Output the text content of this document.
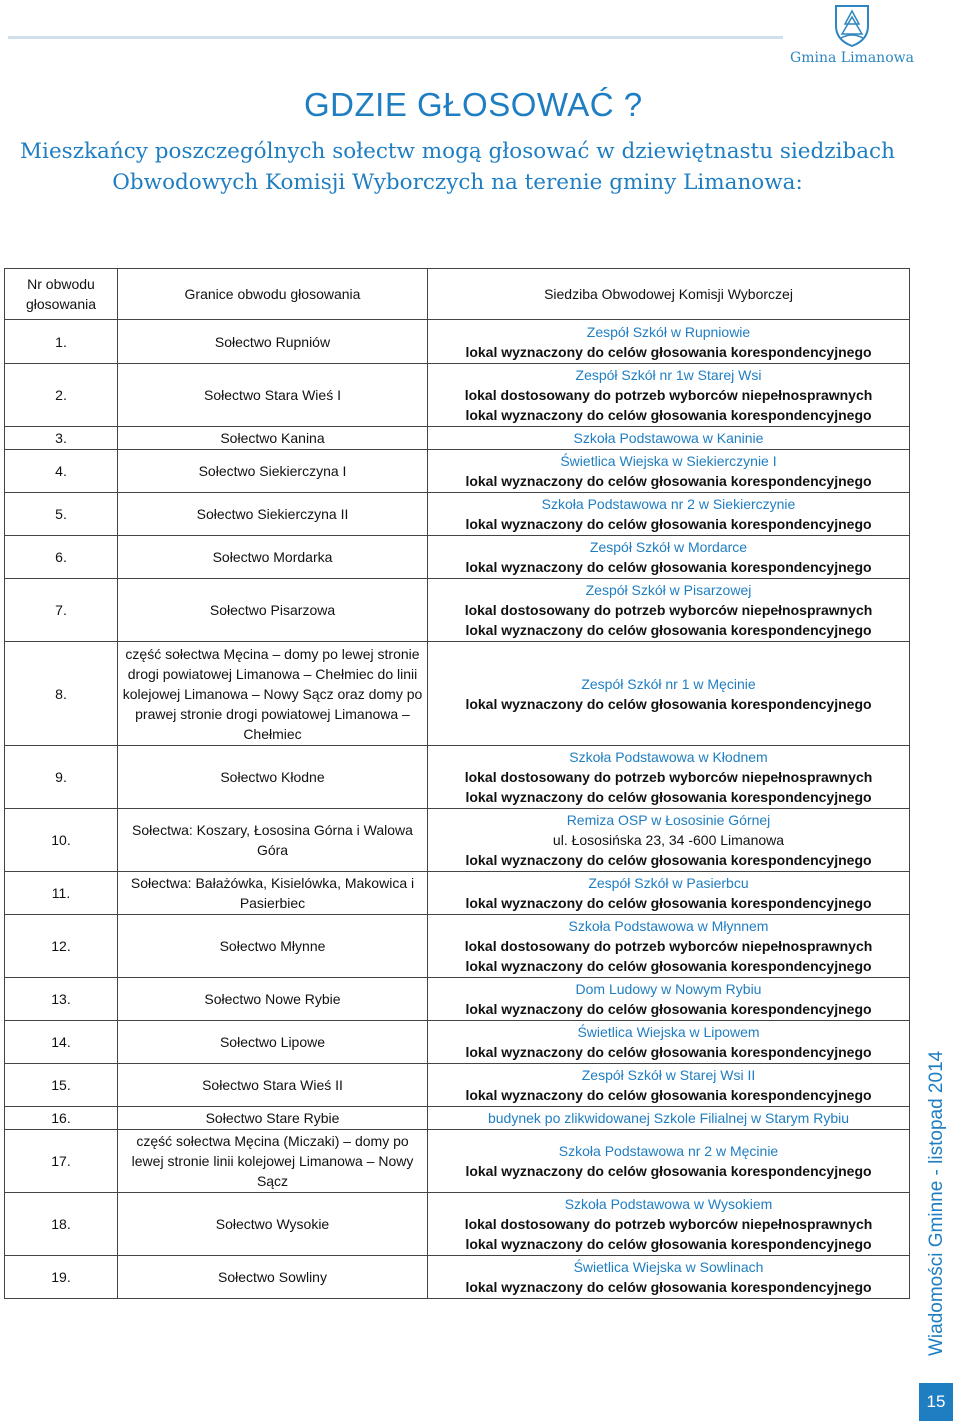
Gmina Limanowa
GDZIE GŁOSOWAĆ ?
Mieszkańcy poszczególnych sołectw mogą głosować w dziewiętnastu siedzibach
Obwodowych Komisji Wyborczych na terenie gminy Limanowa:
Nr obwodu głosowania	Granice obwodu głosowania	Siedziba Obwodowej Komisji Wyborczej
1.	Sołectwo Rupniów	Zespół Szkół w Rupniowie
lokal wyznaczony do celów głosowania korespondencyjnego

2.	Sołectwo Stara Wieś I	Zespół Szkół nr 1w Starej Wsi
lokal dostosowany do potrzeb wyborców niepełnosprawnych
lokal wyznaczony do celów głosowania korespondencyjnego

3.	Sołectwo Kanina	Szkoła Podstawowa w Kaninie

4.	Sołectwo Siekierczyna I	Świetlica Wiejska w Siekierczynie I
lokal wyznaczony do celów głosowania korespondencyjnego

5.	Sołectwo Siekierczyna II	Szkoła Podstawowa nr 2 w Siekierczynie
lokal wyznaczony do celów głosowania korespondencyjnego

6.	Sołectwo Mordarka	Zespół Szkół w Mordarce
lokal wyznaczony do celów głosowania korespondencyjnego

7.	Sołectwo Pisarzowa	Zespół Szkół w Pisarzowej
lokal dostosowany do potrzeb wyborców niepełnosprawnych
lokal wyznaczony do celów głosowania korespondencyjnego

8.	część sołectwa Męcina – domy po lewej stronie drogi powiatowej Limanowa – Chełmiec do linii kolejowej Limanowa – Nowy Sącz oraz domy po prawej stronie drogi powiatowej Limanowa – Chełmiec	Zespół Szkół nr 1 w Męcinie
lokal wyznaczony do celów głosowania korespondencyjnego

9.	Sołectwo Kłodne	Szkoła Podstawowa w Kłodnem
lokal dostosowany do potrzeb wyborców niepełnosprawnych
lokal wyznaczony do celów głosowania korespondencyjnego

10.	Sołectwa: Koszary, Łososina Górna i Walowa Góra	Remiza OSP w Łososinie Górnej
ul. Łososińska 23, 34 -600 Limanowa
lokal wyznaczony do celów głosowania korespondencyjnego

11.	Sołectwa: Bałażówka, Kisielówka, Makowica i Pasierbiec	Zespół Szkół w Pasierbcu
lokal wyznaczony do celów głosowania korespondencyjnego

12.	Sołectwo Młynne	Szkoła Podstawowa w Młynnem
lokal dostosowany do potrzeb wyborców niepełnosprawnych
lokal wyznaczony do celów głosowania korespondencyjnego

13.	Sołectwo Nowe Rybie	Dom Ludowy w Nowym Rybiu
lokal wyznaczony do celów głosowania korespondencyjnego

14.	Sołectwo Lipowe	Świetlica Wiejska w Lipowem
lokal wyznaczony do celów głosowania korespondencyjnego

15.	Sołectwo Stara Wieś II	Zespół Szkół w Starej Wsi II
lokal wyznaczony do celów głosowania korespondencyjnego

16.	Sołectwo Stare Rybie	budynek po zlikwidowanej Szkole Filialnej w Starym Rybiu

17.	część sołectwa Męcina (Miczaki) – domy po lewej stronie linii kolejowej Limanowa – Nowy Sącz	Szkoła Podstawowa nr 2 w Męcinie
lokal wyznaczony do celów głosowania korespondencyjnego

18.	Sołectwo Wysokie	Szkoła Podstawowa w Wysokiem
lokal dostosowany do potrzeb wyborców niepełnosprawnych
lokal wyznaczony do celów głosowania korespondencyjnego

19.	Sołectwo Sowliny	Świetlica Wiejska w Sowlinach
lokal wyznaczony do celów głosowania korespondencyjnego	Wiadomości Gminne - listopad 2014
15
